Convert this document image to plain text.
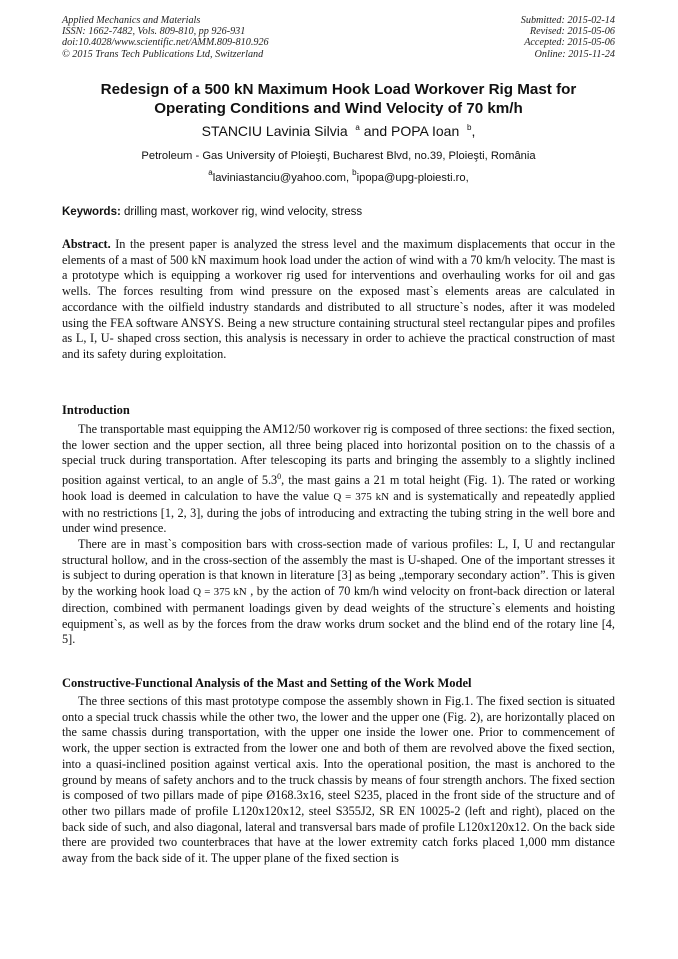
Applied Mechanics and Materials
ISSN: 1662-7482, Vols. 809-810, pp 926-931
doi:10.4028/www.scientific.net/AMM.809-810.926
© 2015 Trans Tech Publications Ltd, Switzerland
Submitted: 2015-02-14
Revised: 2015-05-06
Accepted: 2015-05-06
Online: 2015-11-24
Redesign of a 500 kN Maximum Hook Load Workover Rig Mast for
Operating Conditions and Wind Velocity of 70 km/h
STANCIU Lavinia Silvia $^a$ and POPA Ioan $^b$,
Petroleum - Gas University of Ploieşti, Bucharest Blvd, no.39, Ploieşti, România
$^a$laviniastanciu@yahoo.com, $^b$ipopa@upg-ploiesti.ro,
Keywords: drilling mast, workover rig, wind velocity, stress

Abstract. In the present paper is analyzed the stress level and the maximum displacements that occur in the elements of a mast of 500 kN maximum hook load under the action of wind with a 70 km/h velocity. The mast is a prototype which is equipping a workover rig used for interventions and overhauling works for oil and gas wells. The forces resulting from wind pressure on the exposed mast`s elements areas are calculated in accordance with the oilfield industry standards and distributed to all structure`s nodes, after it was modeled using the FEA software ANSYS. Being a new structure containing structural steel rectangular pipes and profiles as L, I, U- shaped cross section, this analysis is necessary in order to achieve the practical construction of mast and its safety during exploitation.

Introduction

The transportable mast equipping the AM12/50 workover rig is composed of three sections: the fixed section, the lower section and the upper section, all three being placed into horizontal position on to the chassis of a special truck during transportation. After telescoping its parts and bringing the assembly to a slightly inclined position against vertical, to an angle of $5.3^0$, the mast gains a 21 m total height (Fig. 1). The rated or working hook load is deemed in calculation to have the value Q = 375 kN and is systematically and repeatedly applied with no restrictions [1, 2, 3], during the jobs of introducing and extracting the tubing string in the well bore and under wind presence.

There are in mast`s composition bars with cross-section made of various profiles: L, I, U and rectangular structural hollow, and in the cross-section of the assembly the mast is U-shaped. One of the important stresses it is subject to during operation is that known in literature [3] as being „temporary secondary action”. This is given by the working hook load Q = 375 kN , by the action of 70 km/h wind velocity on front-back direction or lateral direction, combined with permanent loadings given by dead weights of the structure`s elements and hoisting equipment`s, as well as by the forces from the draw works drum socket and the blind end of the rotary line [4, 5].

Constructive-Functional Analysis of the Mast and Setting of the Work Model

The three sections of this mast prototype compose the assembly shown in Fig.1. The fixed section is situated onto a special truck chassis while the other two, the lower and the upper one (Fig. 2), are horizontally placed on the same chassis during transportation, with the upper one inside the lower one. Prior to commencement of work, the upper section is extracted from the lower one and both of them are revolved above the fixed section, into a quasi-inclined position against vertical axis. Into the operational position, the mast is anchored to the ground by means of safety anchors and to the truck chassis by means of four strength anchors. The fixed section is composed of two pillars made of pipe Ø168.3x16, steel S235, placed in the front side of the structure and of other two pillars made of profile L120x120x12, steel S355J2, SR EN 10025-2 (left and right), placed on the back side of such, and also diagonal, lateral and transversal bars made of profile L120x120x12. On the back side there are provided two counterbraces that have at the lower extremity catch forks placed 1,000 mm distance away from the back side of it. The upper plane of the fixed section is
